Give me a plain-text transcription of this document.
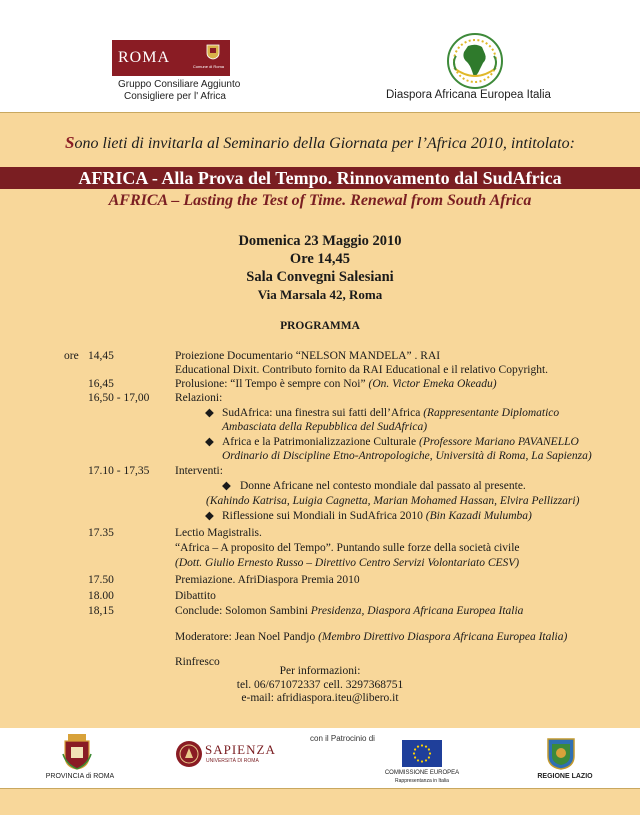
ROMA
Comune di Roma
Gruppo Consiliare Aggiunto
Consigliere per l' Africa	Diaspora Africana Europea Italia
Sono lieti di invitarla al Seminario della Giornata per l’Africa 2010, intitolato:
AFRICA - Alla Prova del Tempo. Rinnovamento dal SudAfrica
AFRICA – Lasting the Test of Time. Renewal from South Africa
Domenica 23 Maggio 2010
Ore 14,45
Sala Convegni Salesiani
Via Marsala 42, Roma
PROGRAMMA
ore 14,45	Proiezione Documentario “NELSON MANDELA” . RAI
Educational Dixit. Contributo fornito da RAI Educational e il relativo Copyright.
16,45	Prolusione: “Il Tempo è sempre con Noi” (On. Victor Emeka Okeadu)
16,50 - 17,00 Relazioni:
◆ SudAfrica: una finestra sui fatti dell’Africa (Rappresentante Diplomatico
Ambasciata della Repubblica del SudAfrica)
◆ Africa e la Patrimonializzazione Culturale (Professore Mariano PAVANELLO
Ordinario di Discipline Etno-Antropologiche, Università di Roma, La Sapienza)
17.10 - 17,35 Interventi:
◆ Donne Africane nel contesto mondiale dal passato al presente.
(Kahindo Katrisa, Luigia Cagnetta, Marian Mohamed Hassan, Elvira Pellizzari)
◆ Riflessione sui Mondiali in SudAfrica 2010 (Bin Kazadi Mulumba)
17.35	Lectio Magistralis.
“Africa – A proposito del Tempo”. Puntando sulle forze della società civile
(Dott. Giulio Ernesto Russo – Direttivo Centro Servizi Volontariato CESV)
17.50	Premiazione. AfriDiaspora Premia 2010
18.00	Dibattito
18,15	Conclude: Solomon Sambini Presidenza, Diaspora Africana Europea Italia
Moderatore: Jean Noel Pandjo (Membro Direttivo Diaspora Africana Europea Italia)
Rinfresco
Per informazioni:
tel. 06/671072337 cell. 3297368751
e-mail: afridiaspora.iteu@libero.it
con il Patrocinio di
PROVINCIA di ROMA
SAPIENZA
UNIVERSITÀ DI ROMA
COMMISSIONE EUROPEA
Rappresentanza in Italia
REGIONE LAZIO
